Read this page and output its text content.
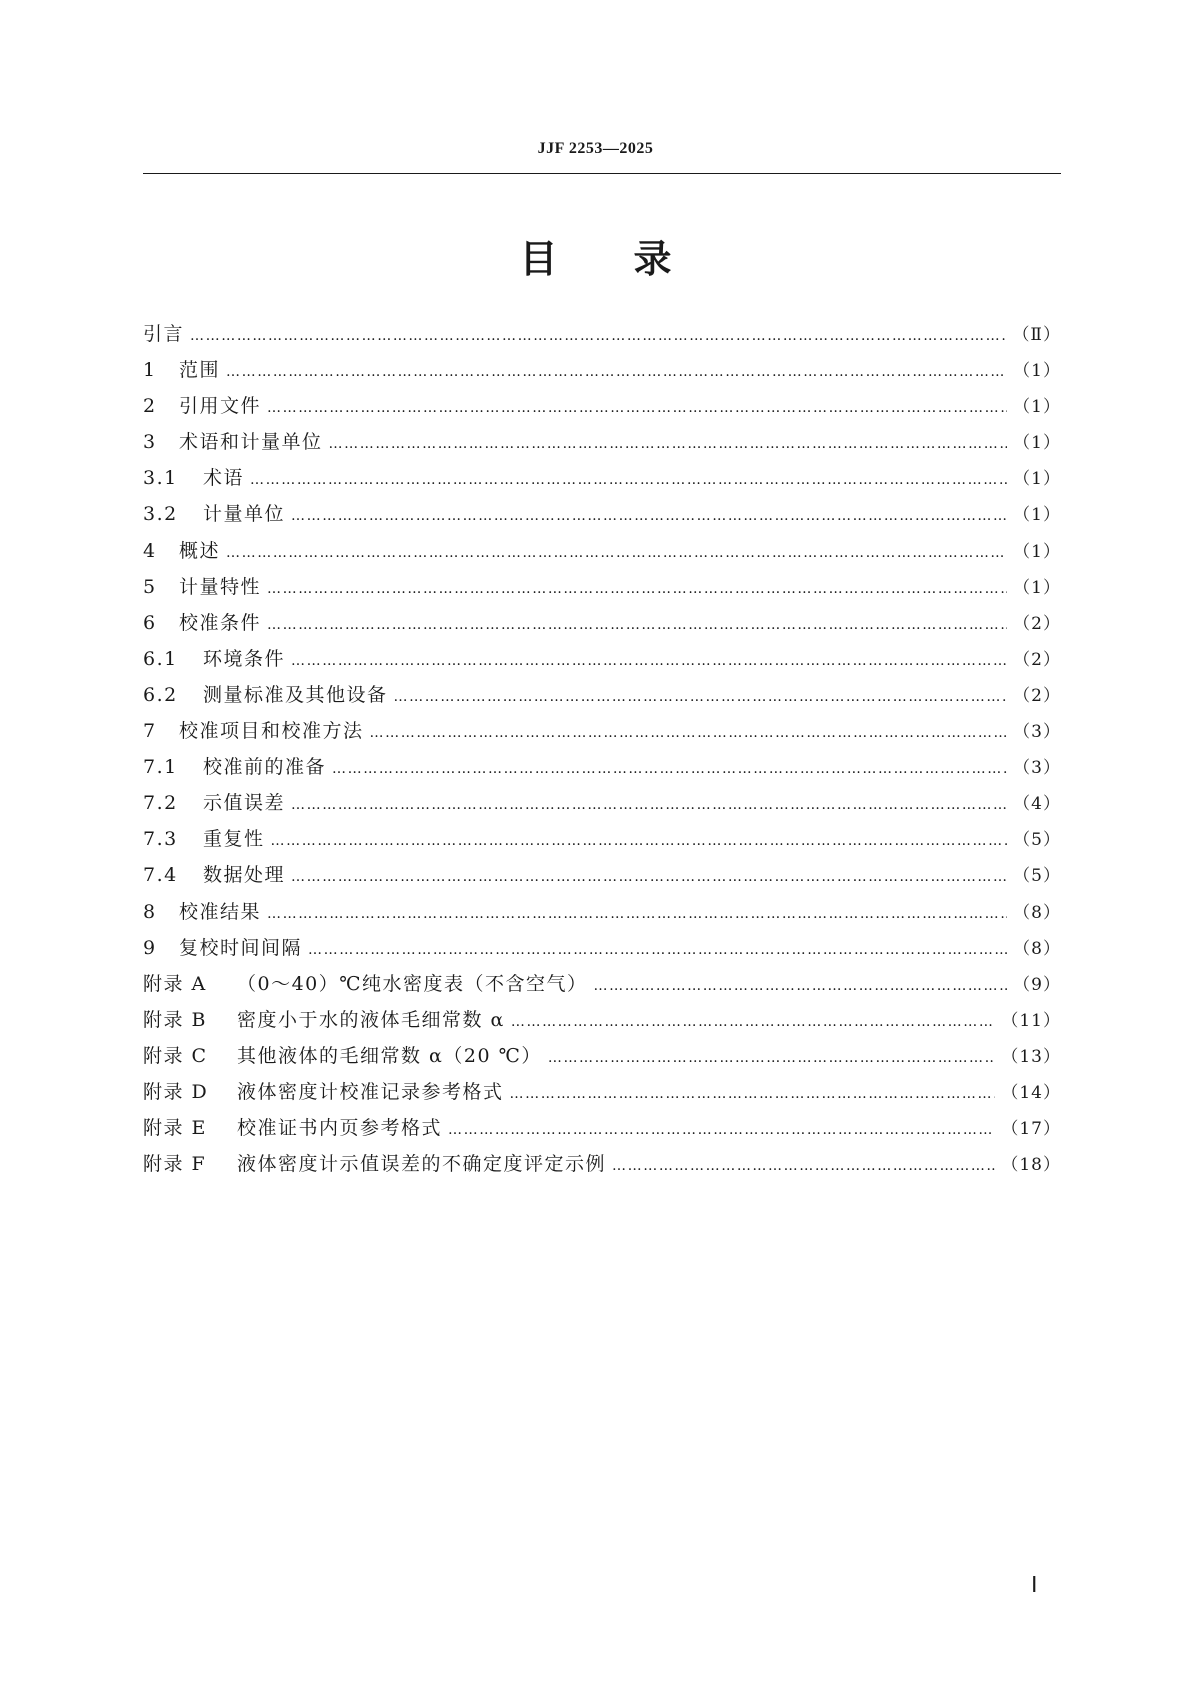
JJF 2253—2025
目　　录
引言 ……………………………………………………………………………………………………………………………………………………………………………………	（Ⅱ）
1 范围 ……………………………………………………………………………………………………………………………………………………………………………………	（1）
2 引用文件 ……………………………………………………………………………………………………………………………………………………………………………………	（1）
3 术语和计量单位 ……………………………………………………………………………………………………………………………………………………………………………………	（1）
3.1 术语 ……………………………………………………………………………………………………………………………………………………………………………………	（1）
3.2 计量单位 ……………………………………………………………………………………………………………………………………………………………………………………	（1）
4 概述 ……………………………………………………………………………………………………………………………………………………………………………………	（1）
5 计量特性 ……………………………………………………………………………………………………………………………………………………………………………………	（1）
6 校准条件 ……………………………………………………………………………………………………………………………………………………………………………………	（2）
6.1 环境条件 ……………………………………………………………………………………………………………………………………………………………………………………	（2）
6.2 测量标准及其他设备 ……………………………………………………………………………………………………………………………………………………………………………………	（2）
7 校准项目和校准方法 ……………………………………………………………………………………………………………………………………………………………………………………	（3）
7.1 校准前的准备 ……………………………………………………………………………………………………………………………………………………………………………………	（3）
7.2 示值误差 ……………………………………………………………………………………………………………………………………………………………………………………	（4）
7.3 重复性 ……………………………………………………………………………………………………………………………………………………………………………………	（5）
7.4 数据处理 ……………………………………………………………………………………………………………………………………………………………………………………	（5）
8 校准结果 ……………………………………………………………………………………………………………………………………………………………………………………	（8）
9 复校时间间隔 ……………………………………………………………………………………………………………………………………………………………………………………	（8）
附录 A （0～40）℃纯水密度表（不含空气） ……………………………………………………………………………………………………………………………………………………………………………………	（9）
附录 B 密度小于水的液体毛细常数 α ……………………………………………………………………………………………………………………………………………………………………………………	（11）
附录 C 其他液体的毛细常数 α（20 ℃） ……………………………………………………………………………………………………………………………………………………………………………………	（13）
附录 D 液体密度计校准记录参考格式 ……………………………………………………………………………………………………………………………………………………………………………………	（14）
附录 E 校准证书内页参考格式 ……………………………………………………………………………………………………………………………………………………………………………………	（17）
附录 F 液体密度计示值误差的不确定度评定示例 ……………………………………………………………………………………………………………………………………………………………………………………	（18）
Ⅰ
